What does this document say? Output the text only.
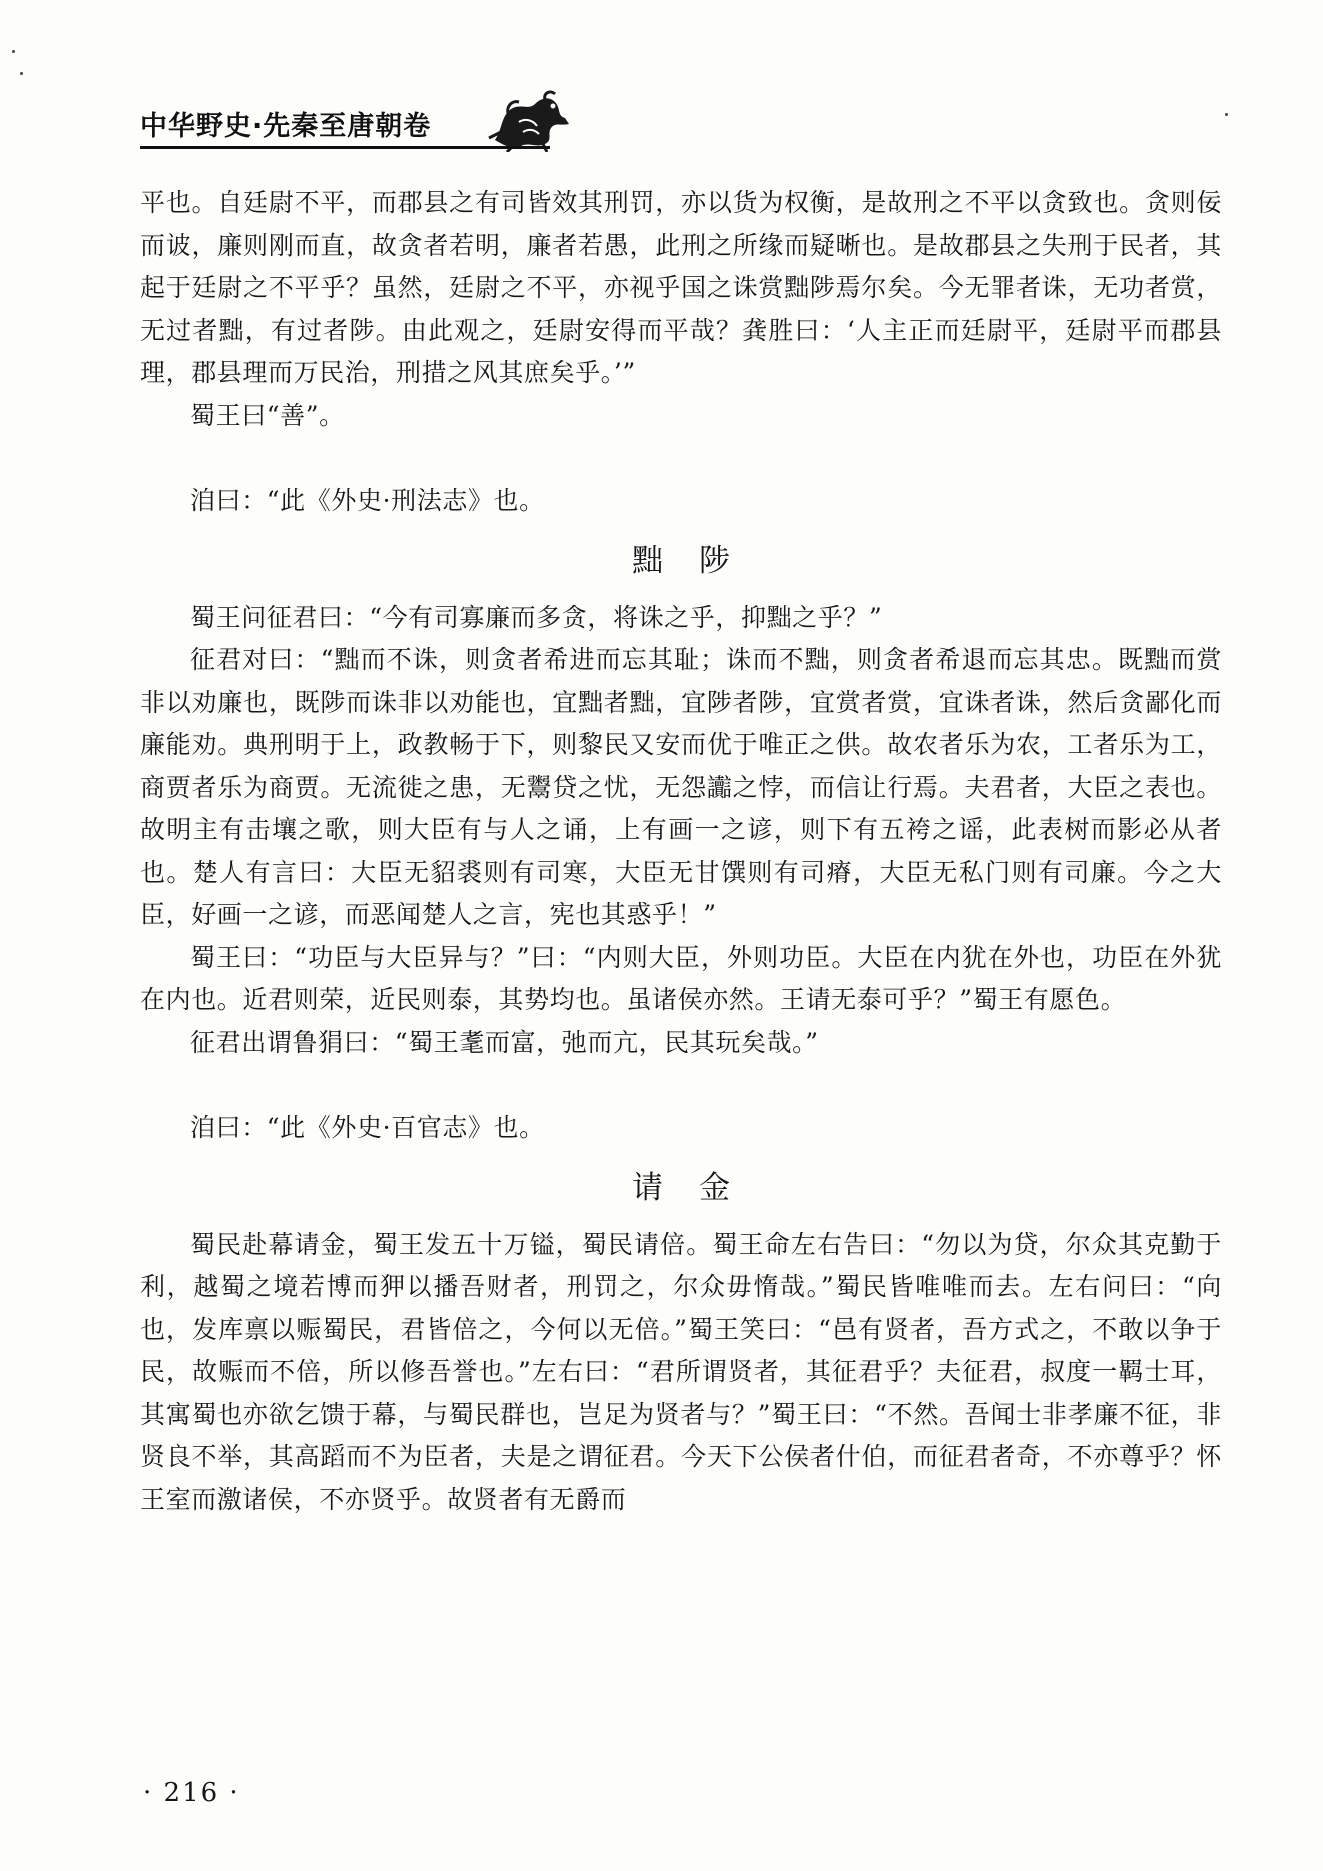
中华野史·先秦至唐朝卷

平也。自廷尉不平，而郡县之有司皆效其刑罚，亦以货为权衡，是故刑之不平以贪致也。贪则佞而诐，廉则刚而直，故贪者若明，廉者若愚，此刑之所缘而疑晰也。是故郡县之失刑于民者，其起于廷尉之不平乎？虽然，廷尉之不平，亦视乎国之诛赏黜陟焉尔矣。今无罪者诛，无功者赏，无过者黜，有过者陟。由此观之，廷尉安得而平哉？龚胜曰：‘人主正而廷尉平，廷尉平而郡县理，郡县理而万民治，刑措之风其庶矣乎。’”

蜀王曰“善”。

洎曰：“此《外史·刑法志》也。

黜陟

蜀王问征君曰：“今有司寡廉而多贪，将诛之乎，抑黜之乎？”

征君对曰：“黜而不诛，则贪者希进而忘其耻；诛而不黜，则贪者希退而忘其忠。既黜而赏非以劝廉也，既陟而诛非以劝能也，宜黜者黜，宜陟者陟，宜赏者赏，宜诛者诛，然后贪鄙化而廉能劝。典刑明于上，政教畅于下，则黎民又安而优于唯正之供。故农者乐为农，工者乐为工，商贾者乐为商贾。无流徙之患，无鬻贷之忧，无怨讟之悖，而信让行焉。夫君者，大臣之表也。故明主有击壤之歌，则大臣有与人之诵，上有画一之谚，则下有五袴之谣，此表树而影必从者也。楚人有言曰：大臣无貂裘则有司寒，大臣无甘馔则有司瘠，大臣无私门则有司廉。今之大臣，好画一之谚，而恶闻楚人之言，宪也其惑乎！”

蜀王曰：“功臣与大臣异与？”曰：“内则大臣，外则功臣。大臣在内犹在外也，功臣在外犹在内也。近君则荣，近民则泰，其势均也。虽诸侯亦然。王请无泰可乎？”蜀王有愿色。

征君出谓鲁狷曰：“蜀王耄而富，弛而亢，民其玩矣哉。”

洎曰：“此《外史·百官志》也。

请金

蜀民赴幕请金，蜀王发五十万镒，蜀民请倍。蜀王命左右告曰：“勿以为贷，尔众其克勤于利，越蜀之境若博而狎以播吾财者，刑罚之，尔众毋惰哉。”蜀民皆唯唯而去。左右问曰：“向也，发库禀以赈蜀民，君皆倍之，今何以无倍。”蜀王笑曰：“邑有贤者，吾方式之，不敢以争于民，故赈而不倍，所以修吾誉也。”左右曰：“君所谓贤者，其征君乎？夫征君，叔度一羁士耳，其寓蜀也亦欲乞馈于幕，与蜀民群也，岂足为贤者与？”蜀王曰：“不然。吾闻士非孝廉不征，非贤良不举，其高蹈而不为臣者，夫是之谓征君。今天下公侯者什伯，而征君者奇，不亦尊乎？怀王室而激诸侯，不亦贤乎。故贤者有无爵而

· 216 ·
